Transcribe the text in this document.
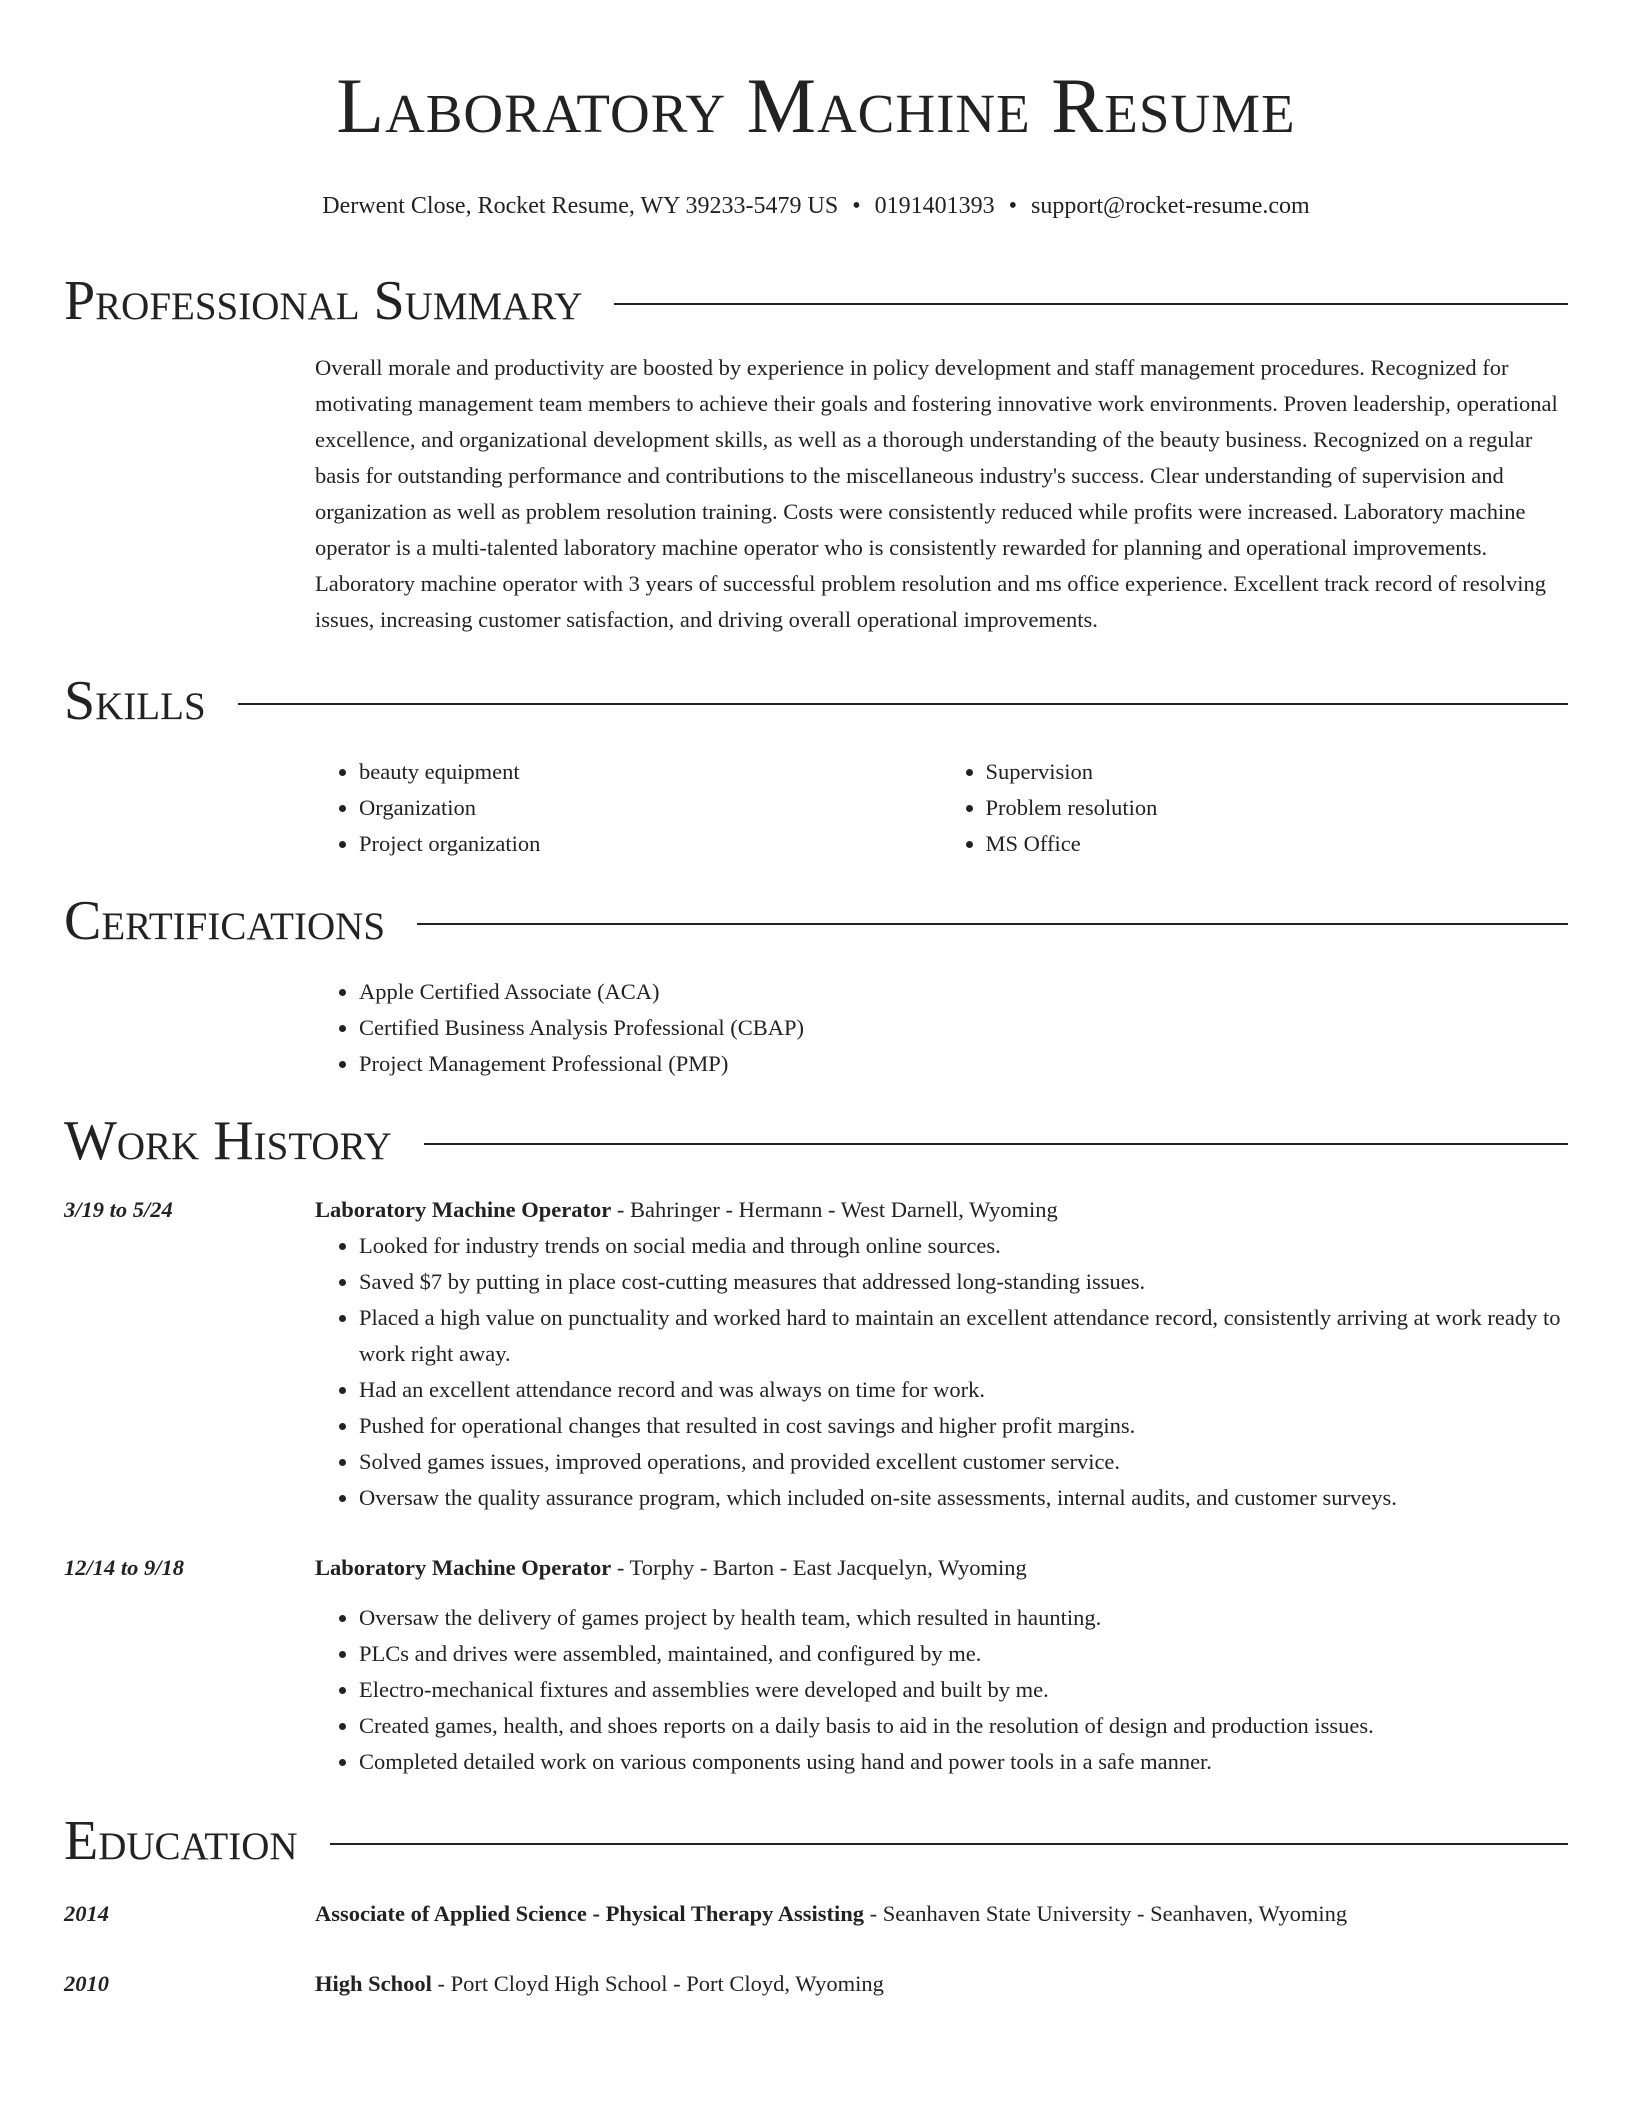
Laboratory Machine Resume
Derwent Close, Rocket Resume, WY 39233-5479 US • 0191401393 • support@rocket-resume.com
Professional Summary
Overall morale and productivity are boosted by experience in policy development and staff management procedures. Recognized for motivating management team members to achieve their goals and fostering innovative work environments. Proven leadership, operational excellence, and organizational development skills, as well as a thorough understanding of the beauty business. Recognized on a regular basis for outstanding performance and contributions to the miscellaneous industry's success. Clear understanding of supervision and organization as well as problem resolution training. Costs were consistently reduced while profits were increased. Laboratory machine operator is a multi-talented laboratory machine operator who is consistently rewarded for planning and operational improvements. Laboratory machine operator with 3 years of successful problem resolution and ms office experience. Excellent track record of resolving issues, increasing customer satisfaction, and driving overall operational improvements.
Skills
• beauty equipment
• Organization
• Project organization
• Supervision
• Problem resolution
• MS Office
Certifications
• Apple Certified Associate (ACA)
• Certified Business Analysis Professional (CBAP)
• Project Management Professional (PMP)
Work History
3/19 to 5/24	Laboratory Machine Operator - Bahringer - Hermann - West Darnell, Wyoming
• Looked for industry trends on social media and through online sources.
• Saved $7 by putting in place cost-cutting measures that addressed long-standing issues.
• Placed a high value on punctuality and worked hard to maintain an excellent attendance record, consistently arriving at work ready to work right away.
• Had an excellent attendance record and was always on time for work.
• Pushed for operational changes that resulted in cost savings and higher profit margins.
• Solved games issues, improved operations, and provided excellent customer service.
• Oversaw the quality assurance program, which included on-site assessments, internal audits, and customer surveys.
12/14 to 9/18	Laboratory Machine Operator - Torphy - Barton - East Jacquelyn, Wyoming
• Oversaw the delivery of games project by health team, which resulted in haunting.
• PLCs and drives were assembled, maintained, and configured by me.
• Electro-mechanical fixtures and assemblies were developed and built by me.
• Created games, health, and shoes reports on a daily basis to aid in the resolution of design and production issues.
• Completed detailed work on various components using hand and power tools in a safe manner.
Education
2014	Associate of Applied Science - Physical Therapy Assisting - Seanhaven State University - Seanhaven, Wyoming
2010	High School - Port Cloyd High School - Port Cloyd, Wyoming
